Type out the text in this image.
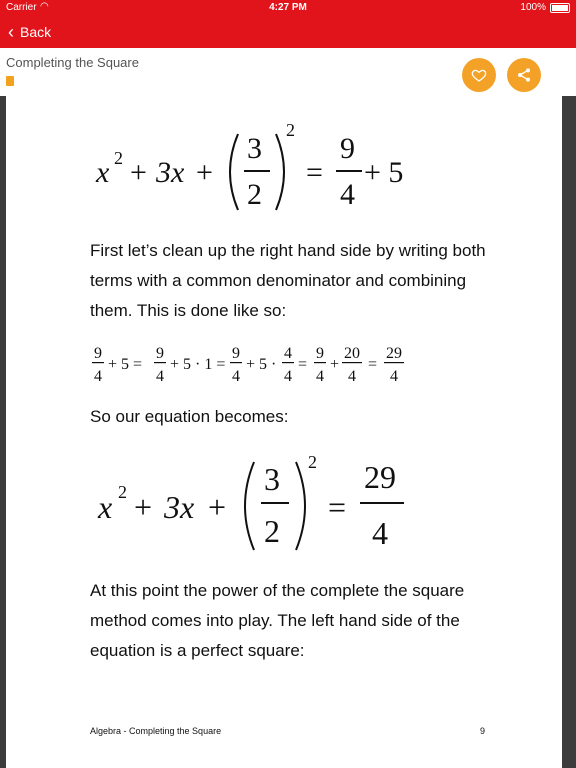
Carrier ◠	4:27 PM	100%
‹ Back
Completing the Square
x 2 + 3x +
3
2
2
=
9
4
+ 5
First let’s clean up the right hand side by writing both terms with a common denominator and combining them. This is done like so:
9
4
+ 5 =
9
4
+ 5 · 1 =
9
4
+ 5 ·
4
4
=
9
4
+
20
4
=
29
4
So our equation becomes:
x 2 + 3x +
3
2
2
=
29
4
At this point the power of the complete the square method comes into play. The left hand side of the equation is a perfect square:
Algebra - Completing the Square	9
